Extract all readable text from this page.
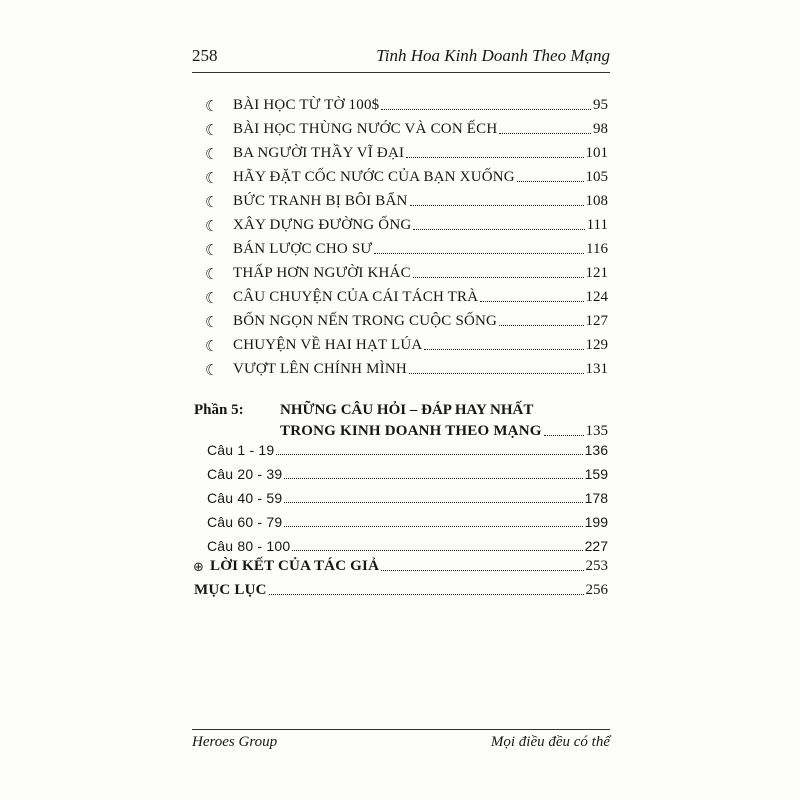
258	Tinh Hoa Kinh Doanh Theo Mạng
☾ BÀI HỌC TỪ TỜ 100$	95
☾ BÀI HỌC THÙNG NƯỚC VÀ CON ẾCH	98
☾ BA NGƯỜI THẦY VĨ ĐẠI	101
☾ HÃY ĐẶT CỐC NƯỚC CỦA BẠN XUỐNG	105
☾ BỨC TRANH BỊ BÔI BẨN	108
☾ XÂY DỰNG ĐƯỜNG ỐNG	111
☾ BÁN LƯỢC CHO SƯ	116
☾ THẤP HƠN NGƯỜI KHÁC	121
☾ CÂU CHUYỆN CỦA CÁI TÁCH TRÀ	124
☾ BỐN NGỌN NẾN TRONG CUỘC SỐNG	127
☾ CHUYỆN VỀ HAI HẠT LÚA	129
☾ VƯỢT LÊN CHÍNH MÌNH	131
Phần 5: NHỮNG CÂU HỎI – ĐÁP HAY NHẤT
TRONG KINH DOANH THEO MẠNG	135
Câu 1 - 19	136
Câu 20 - 39	159
Câu 40 - 59	178
Câu 60 - 79	199
Câu 80 - 100	227
⊕ LỜI KẾT CỦA TÁC GIẢ	253
MỤC LỤC	256
Heroes Group	Mọi điều đều có thể
